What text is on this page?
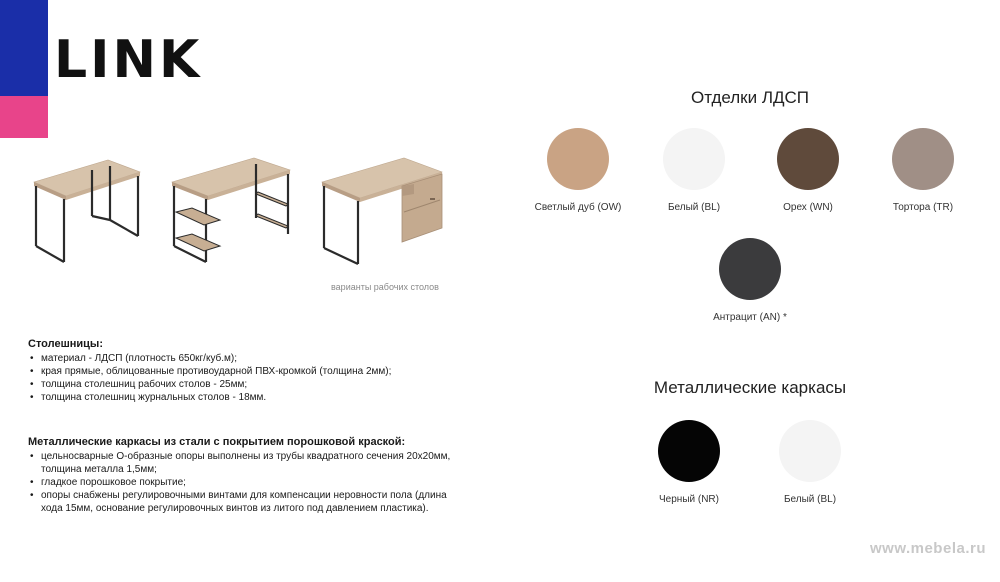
LINK
варианты рабочих столов
Столешницы:
• материал - ЛДСП (плотность 650кг/куб.м);
• края прямые, облицованные противоударной ПВХ-кромкой (толщина 2мм);
• толщина столешниц рабочих столов - 25мм;
• толщина столешниц журнальных столов - 18мм.
Металлические каркасы из стали с покрытием порошковой краской:
• цельносварные О-образные опоры выполнены из трубы квадратного сечения 20х20мм, толщина металла 1,5мм;
• гладкое порошковое покрытие;
• опоры снабжены регулировочными винтами для компенсации неровности пола (длина хода 15мм, основание регулировочных винтов из литого под давлением пластика).
Отделки ЛДСП
Светлый дуб (OW)	Белый (BL)	Орех (WN)	Тортора (TR)
Антрацит (AN) *
Металлические каркасы
Черный (NR)	Белый (BL)
www.mebelа.ru
